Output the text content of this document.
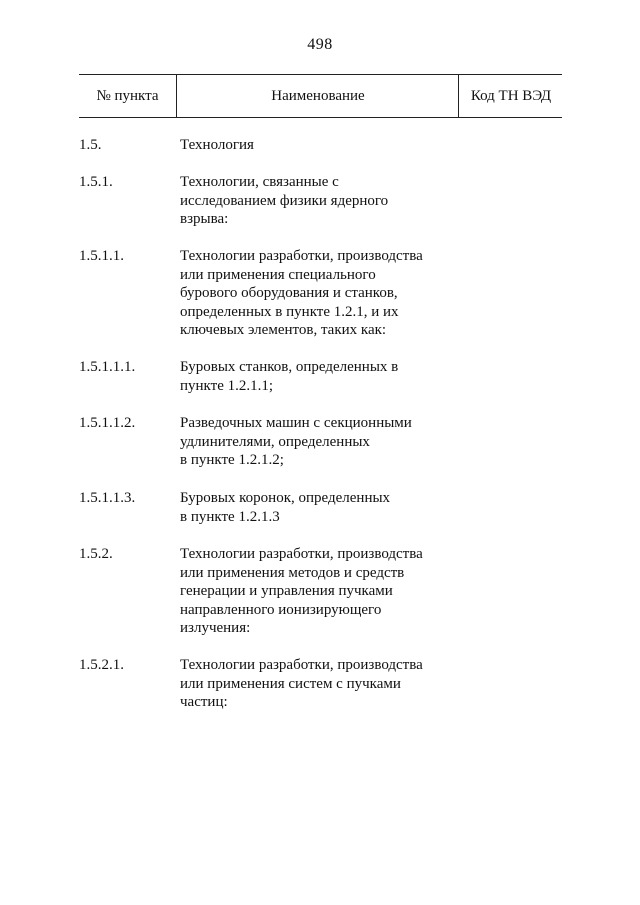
498
№ пункта	Наименование	Код ТН ВЭД
1.5.	Технология
1.5.1.	Технологии, связанные с
исследованием физики ядерного
взрыва:
1.5.1.1.	Технологии разработки, производства
или применения специального
бурового оборудования и станков,
определенных в пункте 1.2.1, и их
ключевых элементов, таких как:
1.5.1.1.1.	Буровых станков, определенных в
пункте 1.2.1.1;
1.5.1.1.2.	Разведочных машин с секционными
удлинителями, определенных
в пункте 1.2.1.2;
1.5.1.1.3.	Буровых коронок, определенных
в пункте 1.2.1.3
1.5.2.	Технологии разработки, производства
или применения методов и средств
генерации и управления пучками
направленного ионизирующего
излучения:
1.5.2.1.	Технологии разработки, производства
или применения систем с пучками
частиц:
